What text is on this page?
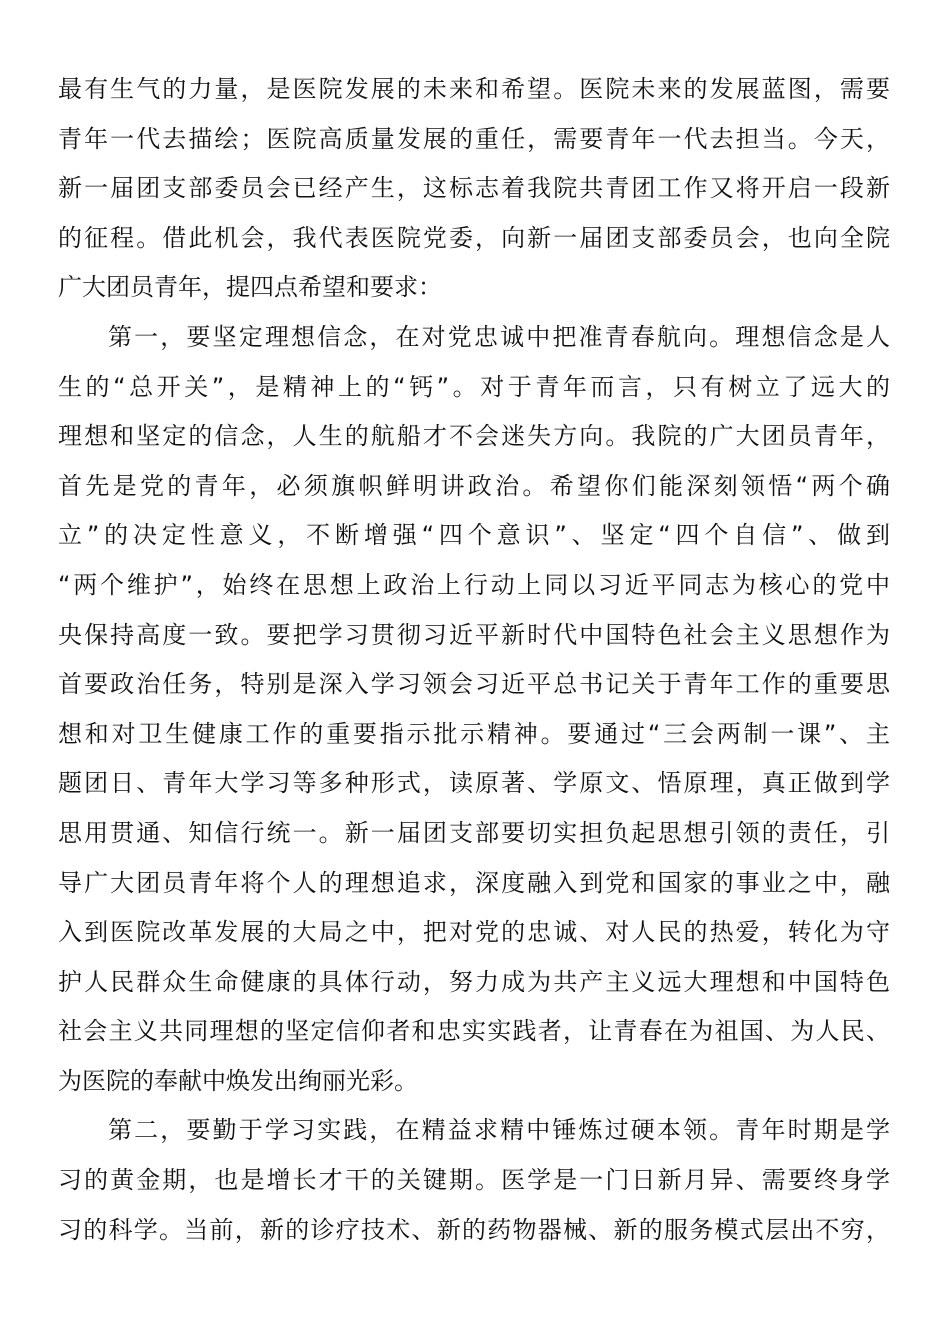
最有生气的力量，是医院发展的未来和希望。医院未来的发展蓝图，需要
青年一代去描绘；医院高质量发展的重任，需要青年一代去担当。今天，
新一届团支部委员会已经产生，这标志着我院共青团工作又将开启一段新
的征程。借此机会，我代表医院党委，向新一届团支部委员会，也向全院
广大团员青年，提四点希望和要求：
第一，要坚定理想信念，在对党忠诚中把准青春航向。理想信念是人
生的“总开关”，是精神上的“钙”。对于青年而言，只有树立了远大的
理想和坚定的信念，人生的航船才不会迷失方向。我院的广大团员青年，
首先是党的青年，必须旗帜鲜明讲政治。希望你们能深刻领悟“两个确
立”的决定性意义，不断增强“四个意识”、坚定“四个自信”、做到
“两个维护”，始终在思想上政治上行动上同以习近平同志为核心的党中
央保持高度一致。要把学习贯彻习近平新时代中国特色社会主义思想作为
首要政治任务，特别是深入学习领会习近平总书记关于青年工作的重要思
想和对卫生健康工作的重要指示批示精神。要通过“三会两制一课”、主
题团日、青年大学习等多种形式，读原著、学原文、悟原理，真正做到学
思用贯通、知信行统一。新一届团支部要切实担负起思想引领的责任，引
导广大团员青年将个人的理想追求，深度融入到党和国家的事业之中，融
入到医院改革发展的大局之中，把对党的忠诚、对人民的热爱，转化为守
护人民群众生命健康的具体行动，努力成为共产主义远大理想和中国特色
社会主义共同理想的坚定信仰者和忠实实践者，让青春在为祖国、为人民、
为医院的奉献中焕发出绚丽光彩。
第二，要勤于学习实践，在精益求精中锤炼过硬本领。青年时期是学
习的黄金期，也是增长才干的关键期。医学是一门日新月异、需要终身学
习的科学。当前，新的诊疗技术、新的药物器械、新的服务模式层出不穷，
